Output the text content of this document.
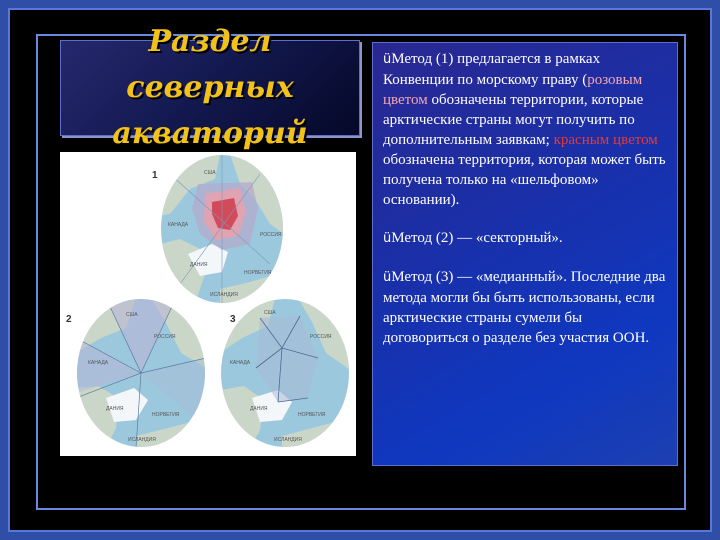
Раздел северных
акваторий
1	США
КАНАДА
ДАНИЯ
РОССИЯ
НОРВЕГИЯ
ИСЛАНДИЯ
2	США
КАНАДА
РОССИЯ
ДАНИЯ
НОРВЕГИЯ
ИСЛАНДИЯ
3
США
РОССИЯ
КАНАДА
ДАНИЯ
НОРВЕГИЯ
ИСЛАНДИЯ

üМетод (1) предлагается в рамках Конвенции по морскому праву (розовым цветом обозначены территории, которые арктические страны могут получить по дополнительным заявкам; красным цветом обозначена территория, которая может быть получена только на «шельфовом» основании).

üМетод (2) — «секторный».

üМетод (3) — «медианный». Последние два метода могли бы быть использованы, если арктические страны сумели бы договориться о разделе без участия ООН.
